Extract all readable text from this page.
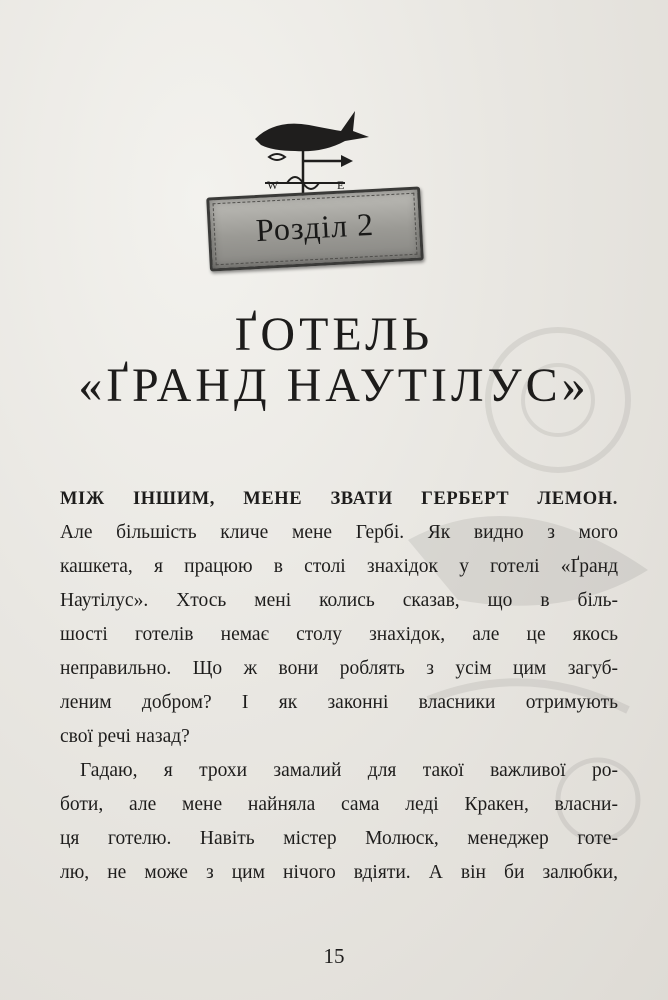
W	E
Розділ 2
ҐОТЕЛЬ
«ҐРАНД НАУТІЛУС»
МІЖ ІНШИМ, МЕНЕ ЗВАТИ ГЕРБЕРТ ЛЕМОН.
Але більшість кличе мене Гербі. Як видно з мого
кашкета, я працюю в столі знахідок у готелі «Ґранд
Наутілус». Хтось мені колись сказав, що в біль-
шості готелів немає столу знахідок, але це якось
неправильно. Що ж вони роблять з усім цим загуб-
леним добром? І як законні власники отримують
свої речі назад?
Гадаю, я трохи замалий для такої важливої ро-
боти, але мене найняла сама леді Кракен, власни-
ця готелю. Навіть містер Молюск, менеджер готе-
лю, не може з цим нічого вдіяти. А він би залюбки,
15
